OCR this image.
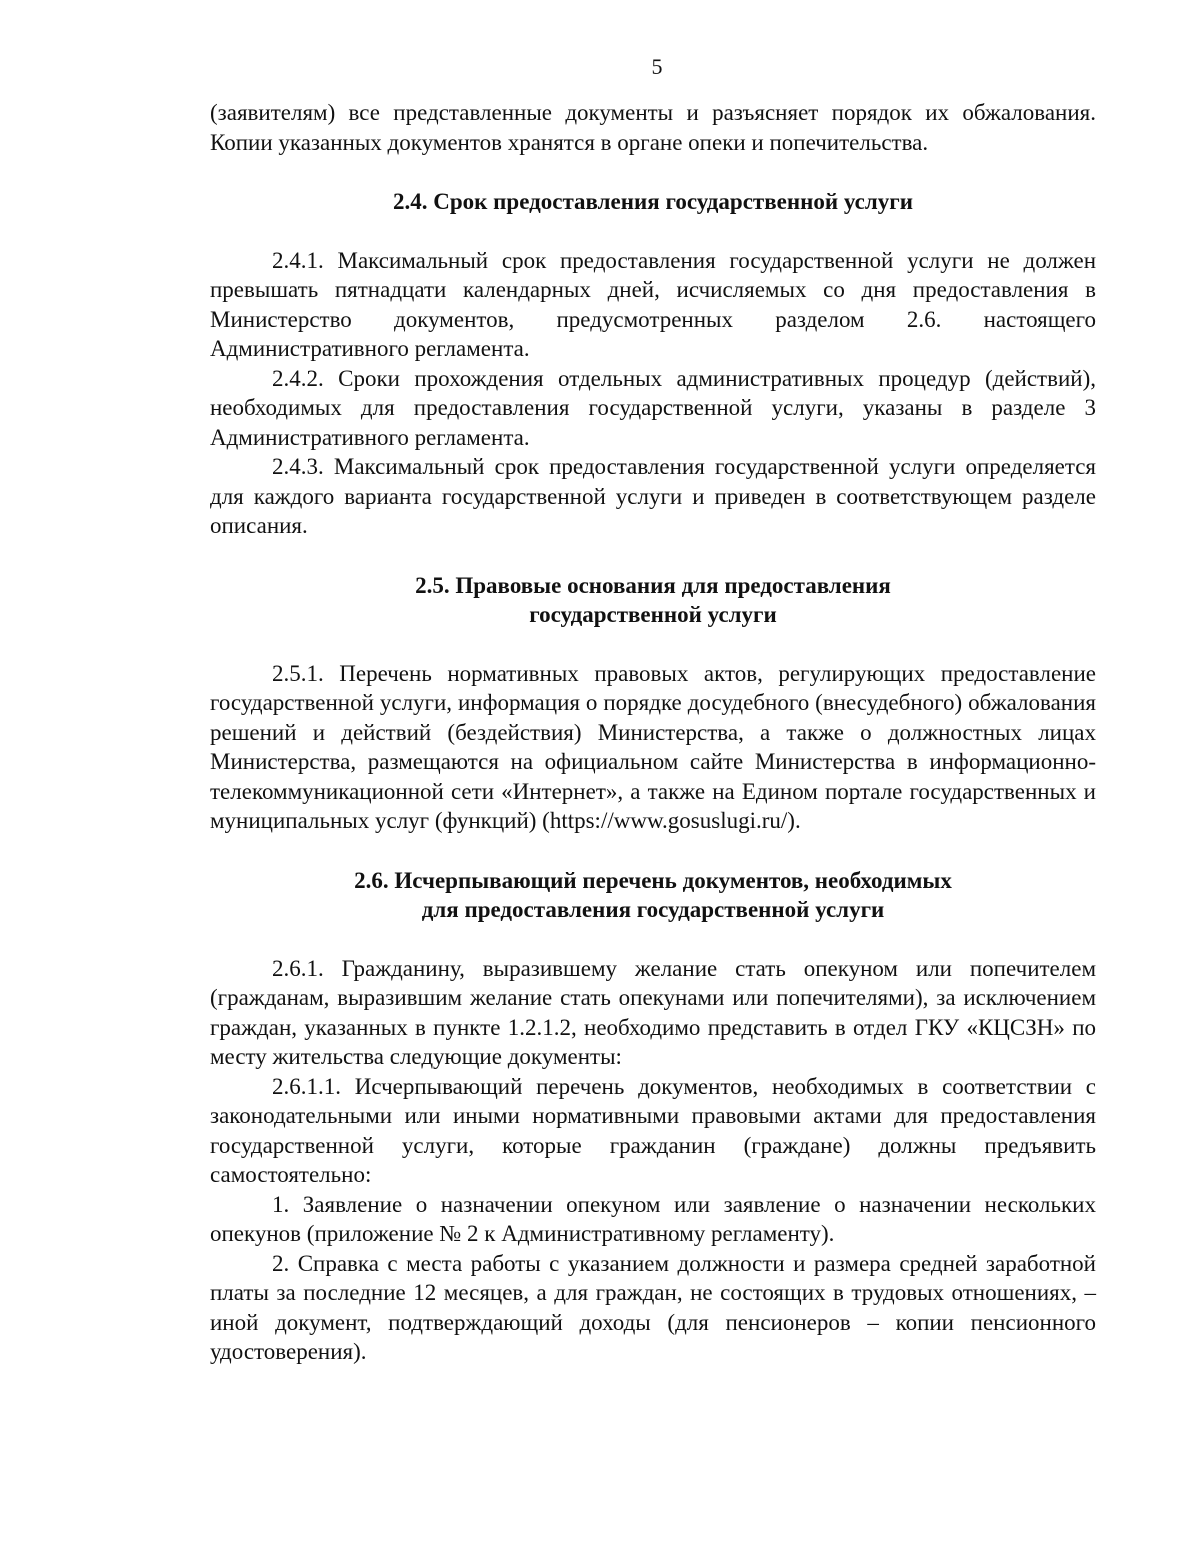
5

(заявителям) все представленные документы и разъясняет порядок их обжалования. Копии указанных документов хранятся в органе опеки и попечительства.

2.4. Срок предоставления государственной услуги

2.4.1. Максимальный срок предоставления государственной услуги не должен превышать пятнадцати календарных дней, исчисляемых со дня предоставления в Министерство документов, предусмотренных разделом 2.6. настоящего Административного регламента.

2.4.2. Сроки прохождения отдельных административных процедур (действий), необходимых для предоставления государственной услуги, указаны в разделе 3 Административного регламента.

2.4.3. Максимальный срок предоставления государственной услуги определяется для каждого варианта государственной услуги и приведен в соответствующем разделе описания.

2.5. Правовые основания для предоставления
государственной услуги

2.5.1. Перечень нормативных правовых актов, регулирующих предоставление государственной услуги, информация о порядке досудебного (внесудебного) обжалования решений и действий (бездействия) Министерства, а также о должностных лицах Министерства, размещаются на официальном сайте Министерства в информационно-телекоммуникационной сети «Интернет», а также на Едином портале государственных и муниципальных услуг (функций) (https://www.gosuslugi.ru/).

2.6. Исчерпывающий перечень документов, необходимых
для предоставления государственной услуги

2.6.1. Гражданину, выразившему желание стать опекуном или попечителем (гражданам, выразившим желание стать опекунами или попечителями), за исключением граждан, указанных в пункте 1.2.1.2, необходимо представить в отдел ГКУ «КЦСЗН» по месту жительства следующие документы:

2.6.1.1. Исчерпывающий перечень документов, необходимых в соответствии с законодательными или иными нормативными правовыми актами для предоставления государственной услуги, которые гражданин (граждане) должны предъявить самостоятельно:

1. Заявление о назначении опекуном или заявление о назначении нескольких опекунов (приложение № 2 к Административному регламенту).

2. Справка с места работы с указанием должности и размера средней заработной платы за последние 12 месяцев, а для граждан, не состоящих в трудовых отношениях, – иной документ, подтверждающий доходы (для пенсионеров – копии пенсионного удостоверения).
